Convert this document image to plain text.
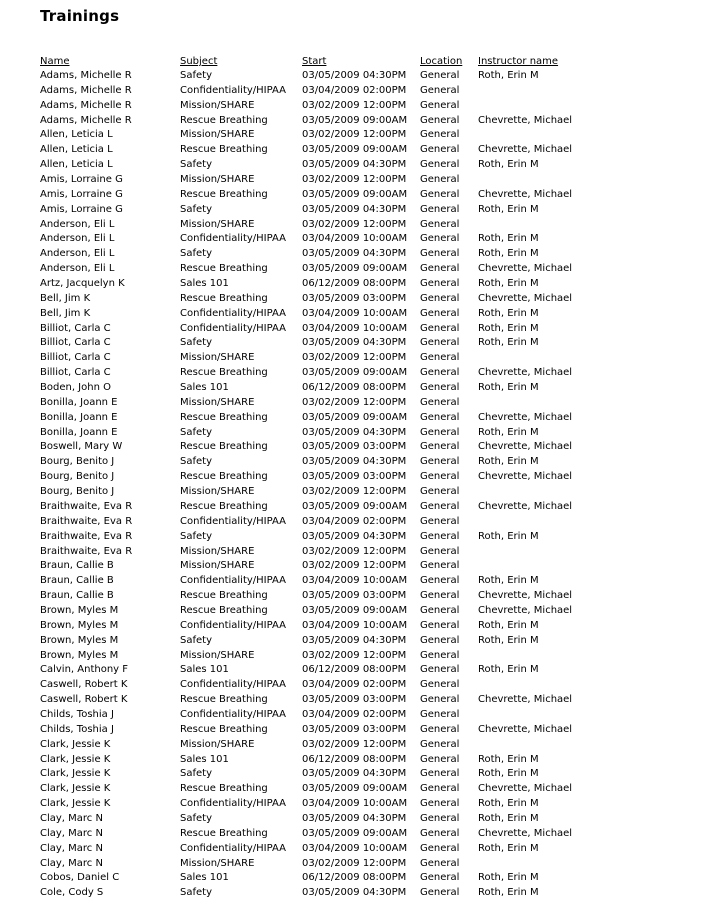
Trainings
Name	Subject	Start	Location Instructor name
Adams, Michelle R	Safety	03/05/2009 04:30PM General Roth, Erin M
Adams, Michelle R	Confidentiality/HIPAA 03/04/2009 02:00PM General
Adams, Michelle R	Mission/SHARE	03/02/2009 12:00PM General
Adams, Michelle R	Rescue Breathing	03/05/2009 09:00AM General Chevrette, Michael
Allen, Leticia L	Mission/SHARE	03/02/2009 12:00PM General
Allen, Leticia L	Rescue Breathing	03/05/2009 09:00AM General Chevrette, Michael
Allen, Leticia L	Safety	03/05/2009 04:30PM General Roth, Erin M
Amis, Lorraine G	Mission/SHARE	03/02/2009 12:00PM General
Amis, Lorraine G	Rescue Breathing	03/05/2009 09:00AM General Chevrette, Michael
Amis, Lorraine G	Safety	03/05/2009 04:30PM General Roth, Erin M
Anderson, Eli L	Mission/SHARE	03/02/2009 12:00PM General
Anderson, Eli L	Confidentiality/HIPAA 03/04/2009 10:00AM General Roth, Erin M
Anderson, Eli L	Safety	03/05/2009 04:30PM General Roth, Erin M
Anderson, Eli L	Rescue Breathing	03/05/2009 09:00AM General Chevrette, Michael
Artz, Jacquelyn K	Sales 101	06/12/2009 08:00PM General Roth, Erin M
Bell, Jim K	Rescue Breathing	03/05/2009 03:00PM General Chevrette, Michael
Bell, Jim K	Confidentiality/HIPAA 03/04/2009 10:00AM General Roth, Erin M
Billiot, Carla C	Confidentiality/HIPAA 03/04/2009 10:00AM General Roth, Erin M
Billiot, Carla C	Safety	03/05/2009 04:30PM General Roth, Erin M
Billiot, Carla C	Mission/SHARE	03/02/2009 12:00PM General
Billiot, Carla C	Rescue Breathing	03/05/2009 09:00AM General Chevrette, Michael
Boden, John O	Sales 101	06/12/2009 08:00PM General Roth, Erin M
Bonilla, Joann E	Mission/SHARE	03/02/2009 12:00PM General
Bonilla, Joann E	Rescue Breathing	03/05/2009 09:00AM General Chevrette, Michael
Bonilla, Joann E	Safety	03/05/2009 04:30PM General Roth, Erin M
Boswell, Mary W	Rescue Breathing	03/05/2009 03:00PM General Chevrette, Michael
Bourg, Benito J	Safety	03/05/2009 04:30PM General Roth, Erin M
Bourg, Benito J	Rescue Breathing	03/05/2009 03:00PM General Chevrette, Michael
Bourg, Benito J	Mission/SHARE	03/02/2009 12:00PM General
Braithwaite, Eva R	Rescue Breathing	03/05/2009 09:00AM General Chevrette, Michael
Braithwaite, Eva R	Confidentiality/HIPAA 03/04/2009 02:00PM General
Braithwaite, Eva R	Safety	03/05/2009 04:30PM General Roth, Erin M
Braithwaite, Eva R	Mission/SHARE	03/02/2009 12:00PM General
Braun, Callie B	Mission/SHARE	03/02/2009 12:00PM General
Braun, Callie B	Confidentiality/HIPAA 03/04/2009 10:00AM General Roth, Erin M
Braun, Callie B	Rescue Breathing	03/05/2009 03:00PM General Chevrette, Michael
Brown, Myles M	Rescue Breathing	03/05/2009 09:00AM General Chevrette, Michael
Brown, Myles M	Confidentiality/HIPAA 03/04/2009 10:00AM General Roth, Erin M
Brown, Myles M	Safety	03/05/2009 04:30PM General Roth, Erin M
Brown, Myles M	Mission/SHARE	03/02/2009 12:00PM General
Calvin, Anthony F	Sales 101	06/12/2009 08:00PM General Roth, Erin M
Caswell, Robert K	Confidentiality/HIPAA 03/04/2009 02:00PM General
Caswell, Robert K	Rescue Breathing	03/05/2009 03:00PM General Chevrette, Michael
Childs, Toshia J	Confidentiality/HIPAA 03/04/2009 02:00PM General
Childs, Toshia J	Rescue Breathing	03/05/2009 03:00PM General Chevrette, Michael
Clark, Jessie K	Mission/SHARE	03/02/2009 12:00PM General
Clark, Jessie K	Sales 101	06/12/2009 08:00PM General Roth, Erin M
Clark, Jessie K	Safety	03/05/2009 04:30PM General Roth, Erin M
Clark, Jessie K	Rescue Breathing	03/05/2009 09:00AM General Chevrette, Michael
Clark, Jessie K	Confidentiality/HIPAA 03/04/2009 10:00AM General Roth, Erin M
Clay, Marc N	Safety	03/05/2009 04:30PM General Roth, Erin M
Clay, Marc N	Rescue Breathing	03/05/2009 09:00AM General Chevrette, Michael
Clay, Marc N	Confidentiality/HIPAA 03/04/2009 10:00AM General Roth, Erin M
Clay, Marc N	Mission/SHARE	03/02/2009 12:00PM General
Cobos, Daniel C	Sales 101	06/12/2009 08:00PM General Roth, Erin M
Cole, Cody S	Safety	03/05/2009 04:30PM General Roth, Erin M
